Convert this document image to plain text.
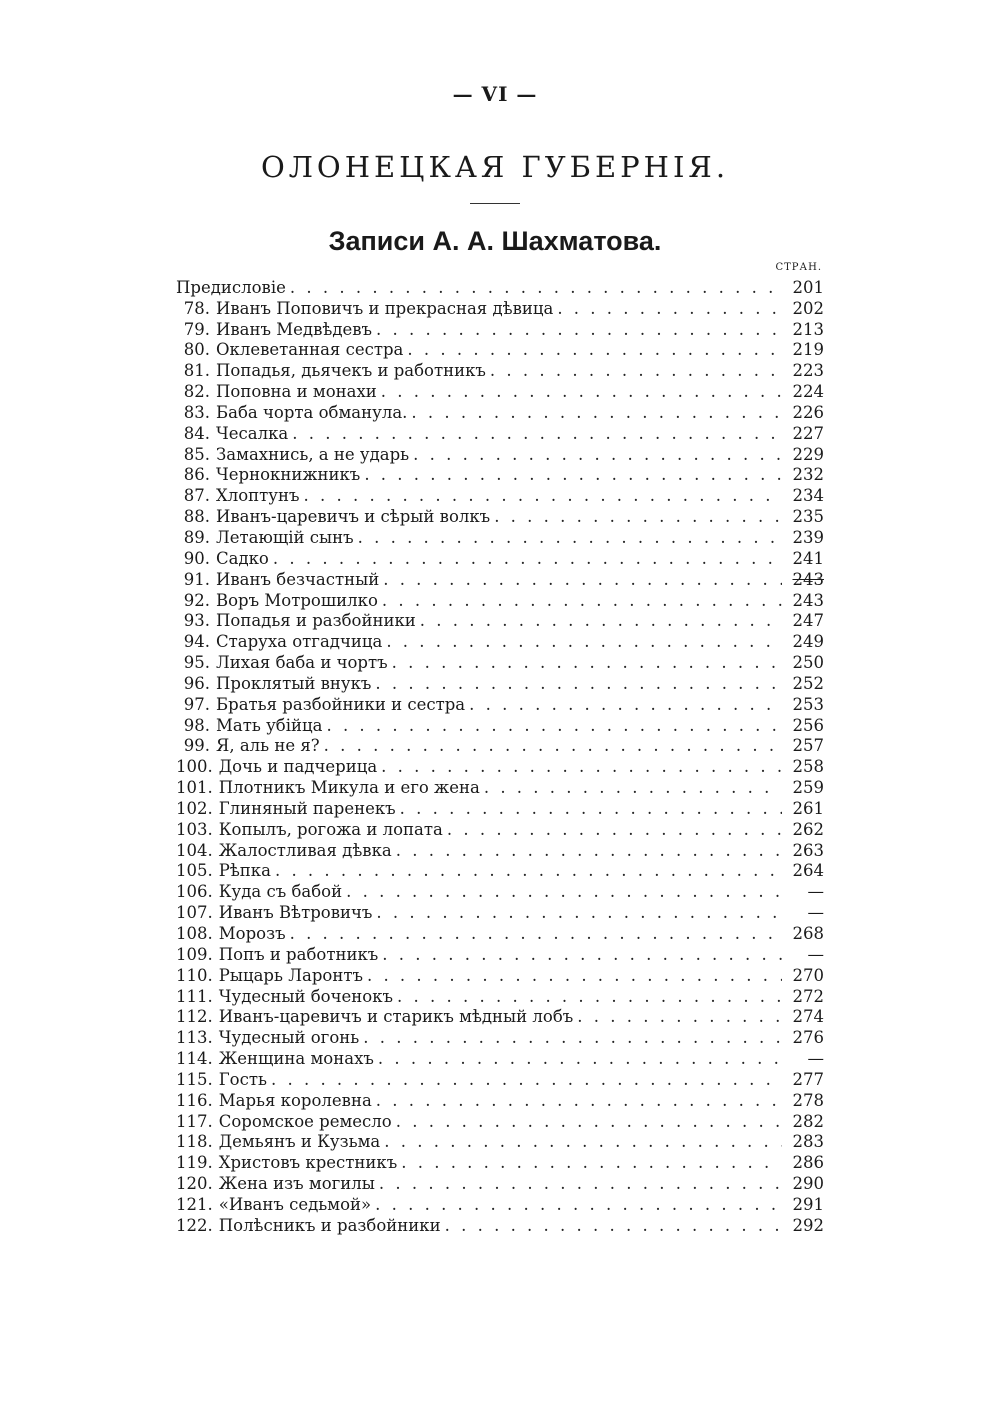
— VI —
ОЛОНЕЦКАЯ ГУБЕРНІЯ.
Записи А. А. Шахматова.
СТРАН.
Предисловіе . . .	201
78. Иванъ Поповичъ и прекрасная дѣвица . . .	202
79. Иванъ Медвѣдевъ . . .	213
80. Оклеветанная сестра . . .	219
81. Попадья, дьячекъ и работникъ . . .	223
82. Поповна и монахи . . .	224
83. Баба чорта обманула. . . .	226
84. Чесалка . . .	227
85. Замахнись, а не ударь . . .	229
86. Чернокнижникъ . . .	232
87. Хлоптунъ . . .	234
88. Иванъ-царевичъ и сѣрый волкъ . . .	235
89. Летающій сынъ . . .	239
90. Садко . . .	241
91. Иванъ безчастный . . .	243
92. Воръ Мотрошилко . . .	243
93. Попадья и разбойники . . .	247
94. Старуха отгадчица . . .	249
95. Лихая баба и чортъ . . .	250
96. Проклятый внукъ . . .	252
97. Братья разбойники и сестра . . .	253
98. Мать убійца . . .	256
99. Я, аль не я? . . .	257
100. Дочь и падчерица . . .	258
101. Плотникъ Микула и его жена . . .	259
102. Глиняный паренекъ . . .	261
103. Копылъ, рогожа и лопата . . .	262
104. Жалостливая дѣвка . . .	263
105. Рѣпка . . .	264
106. Куда съ бабой . . .	—
107. Иванъ Вѣтровичъ . . .	—
108. Морозъ . . .	268
109. Попъ и работникъ . . .	—
110. Рыцарь Ларонтъ . . .	270
111. Чудесный боченокъ . . .	272
112. Иванъ-царевичъ и старикъ мѣдный лобъ . . .	274
113. Чудесный огонь . . .	276
114. Женщина монахъ . . .	—
115. Гость . . .	277
116. Марья королевна . . .	278
117. Соромское ремесло . . .	282
118. Демьянъ и Кузьма . . .	283
119. Христовъ крестникъ . . .	286
120. Жена изъ могилы . . .	290
121. «Иванъ седьмой» . . .	291
122. Полѣсникъ и разбойники . . .	292
